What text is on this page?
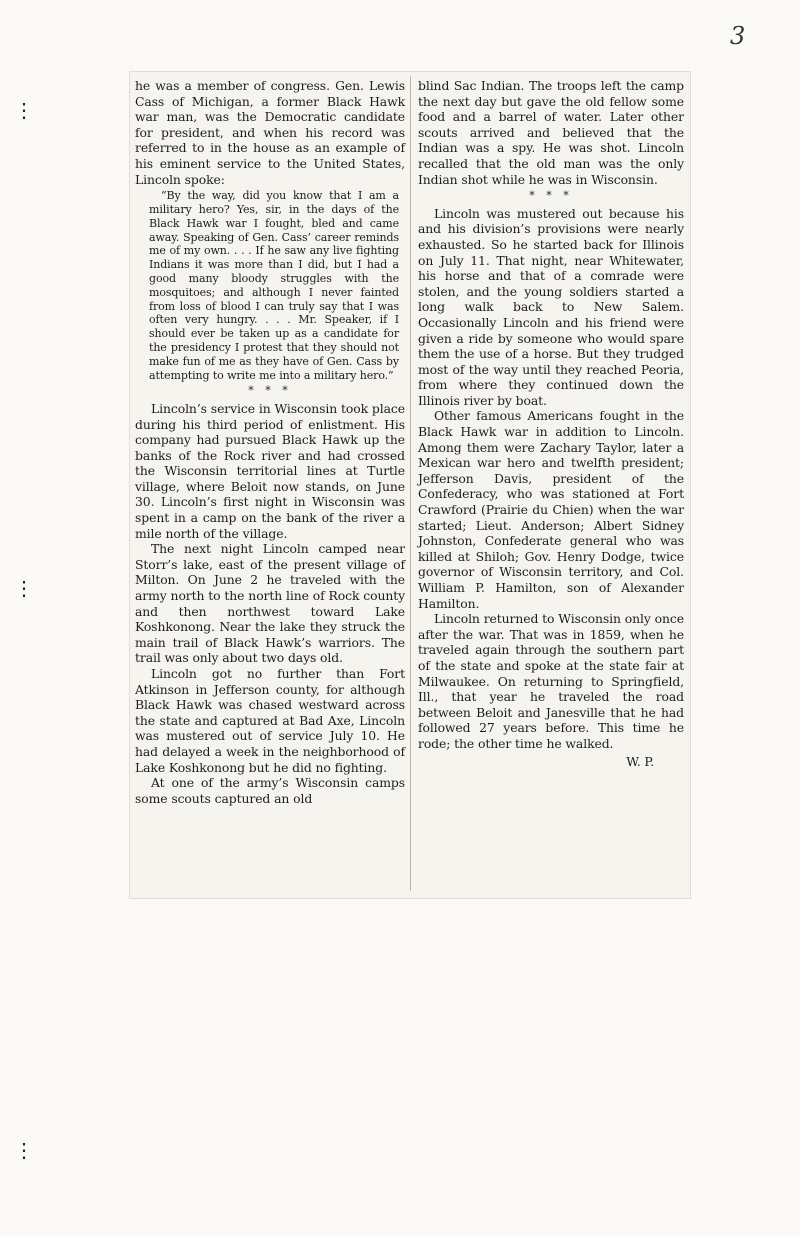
3
⋮
⋮
⋮

he was a member of congress. Gen. Lewis Cass of Michigan, a former Black Hawk war man, was the Democratic candidate for president, and when his record was referred to in the house as an example of his eminent service to the United States, Lincoln spoke:

“By the way, did you know that I am a military hero? Yes, sir, in the days of the Black Hawk war I fought, bled and came away. Speaking of Gen. Cass’ career reminds me of my own. . . . If he saw any live fighting Indians it was more than I did, but I had a good many bloody struggles with the mosquitoes; and although I never fainted from loss of blood I can truly say that I was often very hungry. . . . Mr. Speaker, if I should ever be taken up as a candidate for the presidency I protest that they should not make fun of me as they have of Gen. Cass by attempting to write me into a military hero.”

* * *

Lincoln’s service in Wisconsin took place during his third period of enlistment. His company had pursued Black Hawk up the banks of the Rock river and had crossed the Wisconsin territorial lines at Turtle village, where Beloit now stands, on June 30. Lincoln’s first night in Wisconsin was spent in a camp on the bank of the river a mile north of the village.

The next night Lincoln camped near Storr’s lake, east of the present village of Milton. On June 2 he traveled with the army north to the north line of Rock county and then northwest toward Lake Koshkonong. Near the lake they struck the main trail of Black Hawk’s warriors. The trail was only about two days old.

Lincoln got no further than Fort Atkinson in Jefferson county, for although Black Hawk was chased westward across the state and captured at Bad Axe, Lincoln was mustered out of service July 10. He had delayed a week in the neighborhood of Lake Koshkonong but he did no fighting.

At one of the army’s Wisconsin camps some scouts captured an old

blind Sac Indian. The troops left the camp the next day but gave the old fellow some food and a barrel of water. Later other scouts arrived and believed that the Indian was a spy. He was shot. Lincoln recalled that the old man was the only Indian shot while he was in Wisconsin.

* * *

Lincoln was mustered out because his and his division’s provisions were nearly exhausted. So he started back for Illinois on July 11. That night, near Whitewater, his horse and that of a comrade were stolen, and the young soldiers started a long walk back to New Salem. Occasionally Lincoln and his friend were given a ride by someone who would spare them the use of a horse. But they trudged most of the way until they reached Peoria, from where they continued down the Illinois river by boat.

Other famous Americans fought in the Black Hawk war in addition to Lincoln. Among them were Zachary Taylor, later a Mexican war hero and twelfth president; Jefferson Davis, president of the Confederacy, who was stationed at Fort Crawford (Prairie du Chien) when the war started; Lieut. Anderson; Albert Sidney Johnston, Confederate general who was killed at Shiloh; Gov. Henry Dodge, twice governor of Wisconsin territory, and Col. William P. Hamilton, son of Alexander Hamilton.

Lincoln returned to Wisconsin only once after the war. That was in 1859, when he traveled again through the southern part of the state and spoke at the state fair at Milwaukee. On returning to Springfield, Ill., that year he traveled the road between Beloit and Janesville that he had followed 27 years before. This time he rode; the other time he walked.

W. P.
